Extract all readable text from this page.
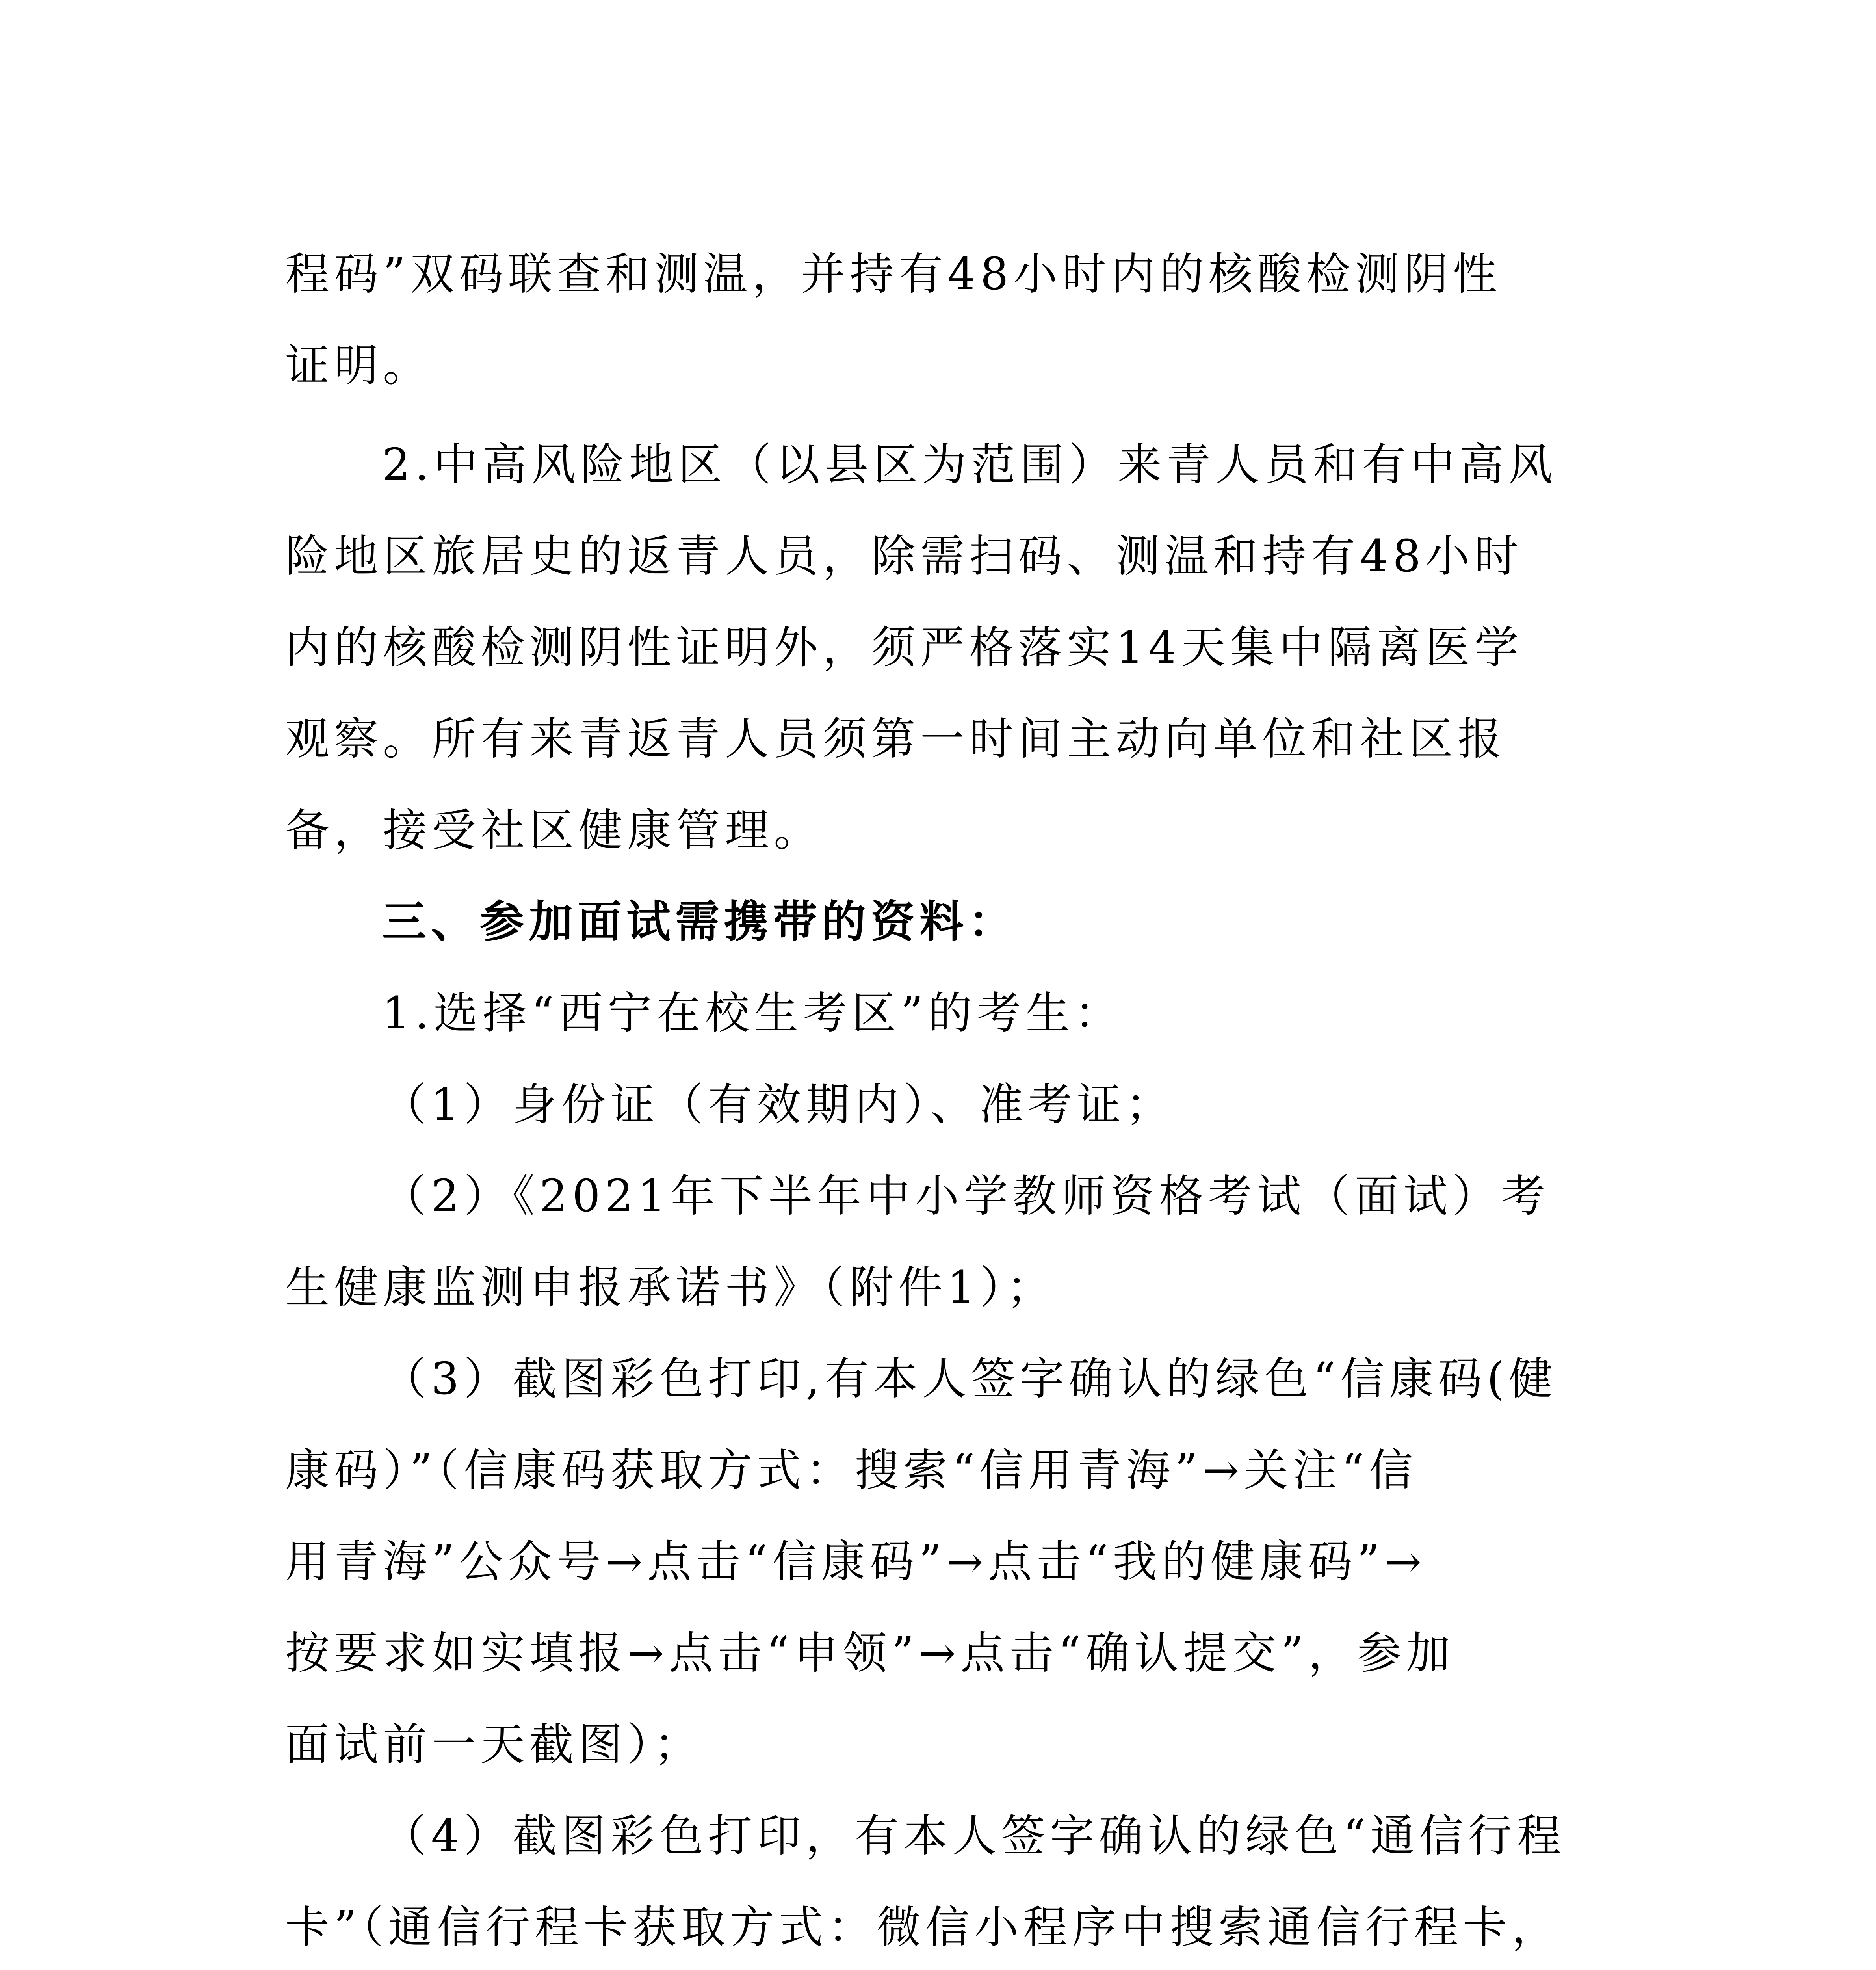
程码”双码联查和测温，并持有48小时内的核酸检测阴性
证明。
2.中高风险地区（以县区为范围）来青人员和有中高风
险地区旅居史的返青人员，除需扫码、测温和持有48小时
内的核酸检测阴性证明外，须严格落实14天集中隔离医学
观察。所有来青返青人员须第一时间主动向单位和社区报
备，接受社区健康管理。
三、参加面试需携带的资料：
1.选择“西宁在校生考区”的考生：
（1）身份证（有效期内）、准考证；
（2）《2021年下半年中小学教师资格考试（面试）考
生健康监测申报承诺书》（附件1）；
（3）截图彩色打印,有本人签字确认的绿色“信康码(健
康码）”（信康码获取方式：搜索“信用青海”→关注“信
用青海”公众号→点击“信康码”→点击“我的健康码”→
按要求如实填报→点击“申领”→点击“确认提交”，参加
面试前一天截图）；
（4）截图彩色打印，有本人签字确认的绿色“通信行程
卡”（通信行程卡获取方式：微信小程序中搜索通信行程卡，
